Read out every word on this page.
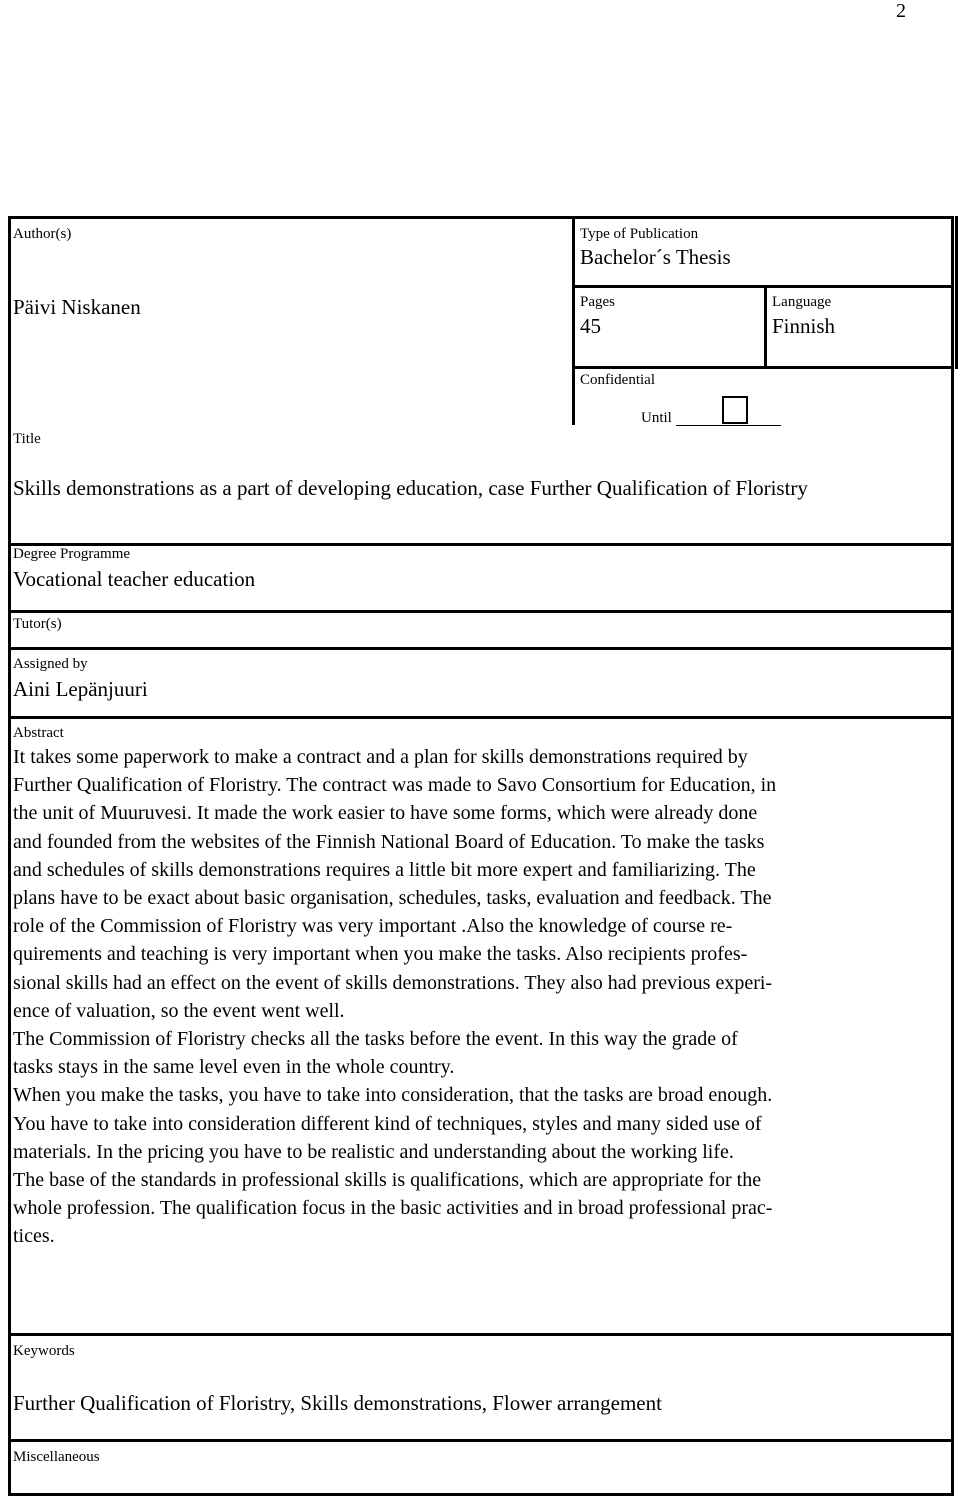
2
Author(s)
Päivi Niskanen
Type of Publication
Bachelor´s Thesis
Pages
45
Language
Finnish
Confidential
Until
Title
Skills demonstrations as a part of developing education, case Further Qualification of Floristry
Degree Programme
Vocational teacher education
Tutor(s)
Assigned by
Aini Lepänjuuri
Abstract

It takes some paperwork to make a contract and a plan for skills demonstrations required by

Further Qualification of Floristry. The contract was made to Savo Consortium for Education, in

the unit of Muuruvesi. It made the work easier to have some forms, which were already done

and founded from the websites of the Finnish National Board of Education. To make the tasks

and schedules of skills demonstrations requires a little bit more expert and familiarizing. The

plans have to be exact about basic organisation, schedules, tasks, evaluation and feedback. The

role of the Commission of Floristry was very important .Also the knowledge of course re-

quirements and teaching is very important when you make the tasks. Also recipients profes-

sional skills had an effect on the event of skills demonstrations. They also had previous experi-

ence of valuation, so the event went well.

The Commission of Floristry checks all the tasks before the event. In this way the grade of

tasks stays in the same level even in the whole country.

When you make the tasks, you have to take into consideration, that the tasks are broad enough.

You have to take into consideration different kind of techniques, styles and many sided use of

materials. In the pricing you have to be realistic and understanding about the working life.

The base of the standards in professional skills is qualifications, which are appropriate for the

whole profession. The qualification focus in the basic activities and in broad professional prac-

tices.

Keywords
Further Qualification of Floristry, Skills demonstrations, Flower arrangement
Miscellaneous
